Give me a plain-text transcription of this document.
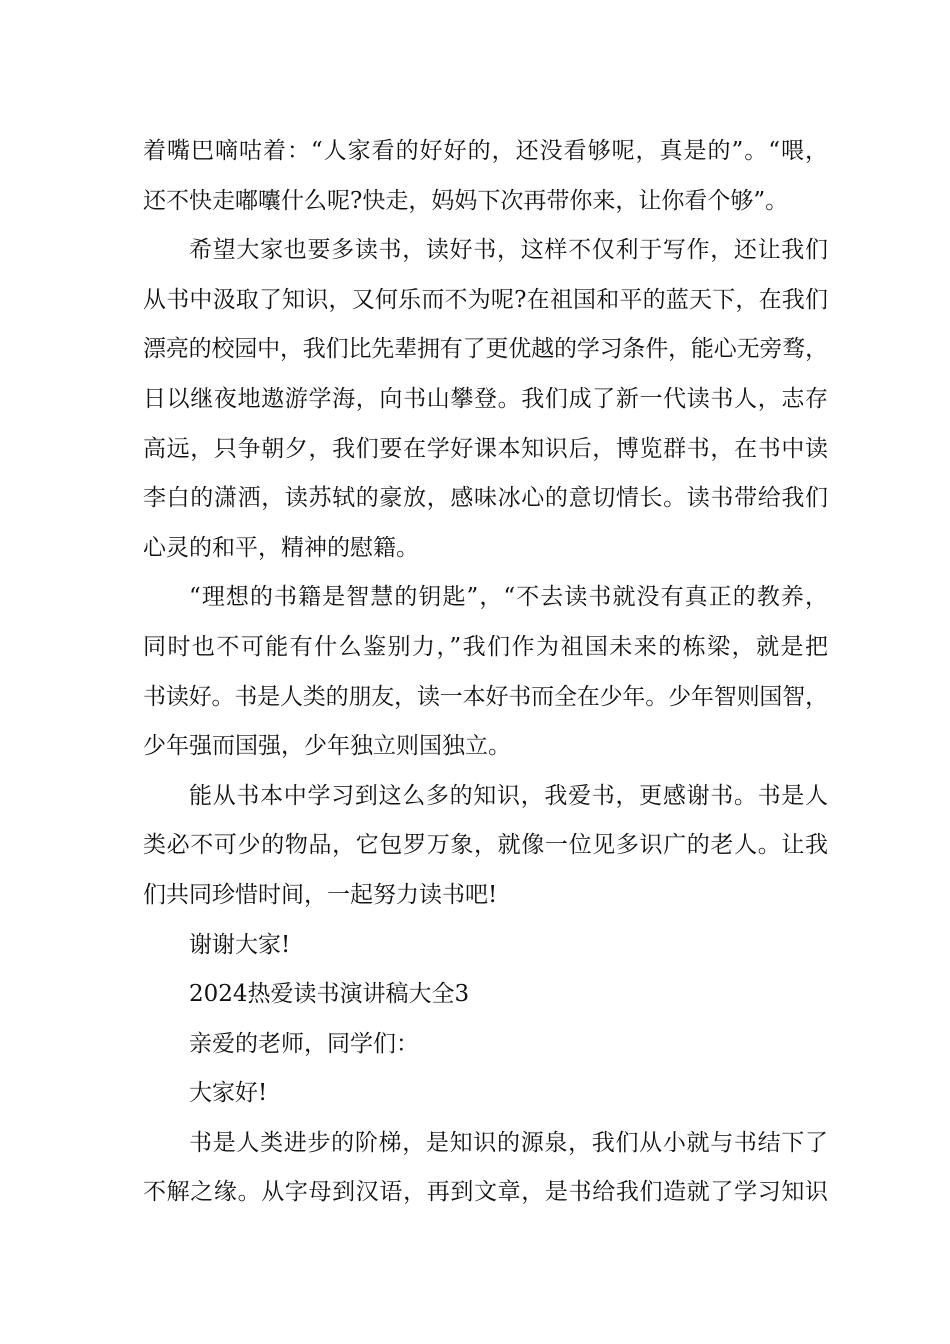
着嘴巴嘀咕着：“人家看的好好的，还没看够呢，真是的”。“喂，
还不快走嘟囔什么呢?快走，妈妈下次再带你来，让你看个够”。
希望大家也要多读书，读好书，这样不仅利于写作，还让我们
从书中汲取了知识，又何乐而不为呢?在祖国和平的蓝天下，在我们
漂亮的校园中，我们比先辈拥有了更优越的学习条件，能心无旁骛，
日以继夜地遨游学海，向书山攀登。我们成了新一代读书人，志存
高远，只争朝夕，我们要在学好课本知识后，博览群书，在书中读
李白的潇洒，读苏轼的豪放，感味冰心的意切情长。读书带给我们
心灵的和平，精神的慰籍。
“理想的书籍是智慧的钥匙”，“不去读书就没有真正的教养，
同时也不可能有什么鉴别力，”我们作为祖国未来的栋梁，就是把
书读好。书是人类的朋友，读一本好书而全在少年。少年智则国智，
少年强而国强，少年独立则国独立。
能从书本中学习到这么多的知识，我爱书，更感谢书。书是人
类必不可少的物品，它包罗万象，就像一位见多识广的老人。让我
们共同珍惜时间，一起努力读书吧!
谢谢大家!
2024热爱读书演讲稿大全3
亲爱的老师，同学们：
大家好!
书是人类进步的阶梯，是知识的源泉，我们从小就与书结下了
不解之缘。从字母到汉语，再到文章，是书给我们造就了学习知识
